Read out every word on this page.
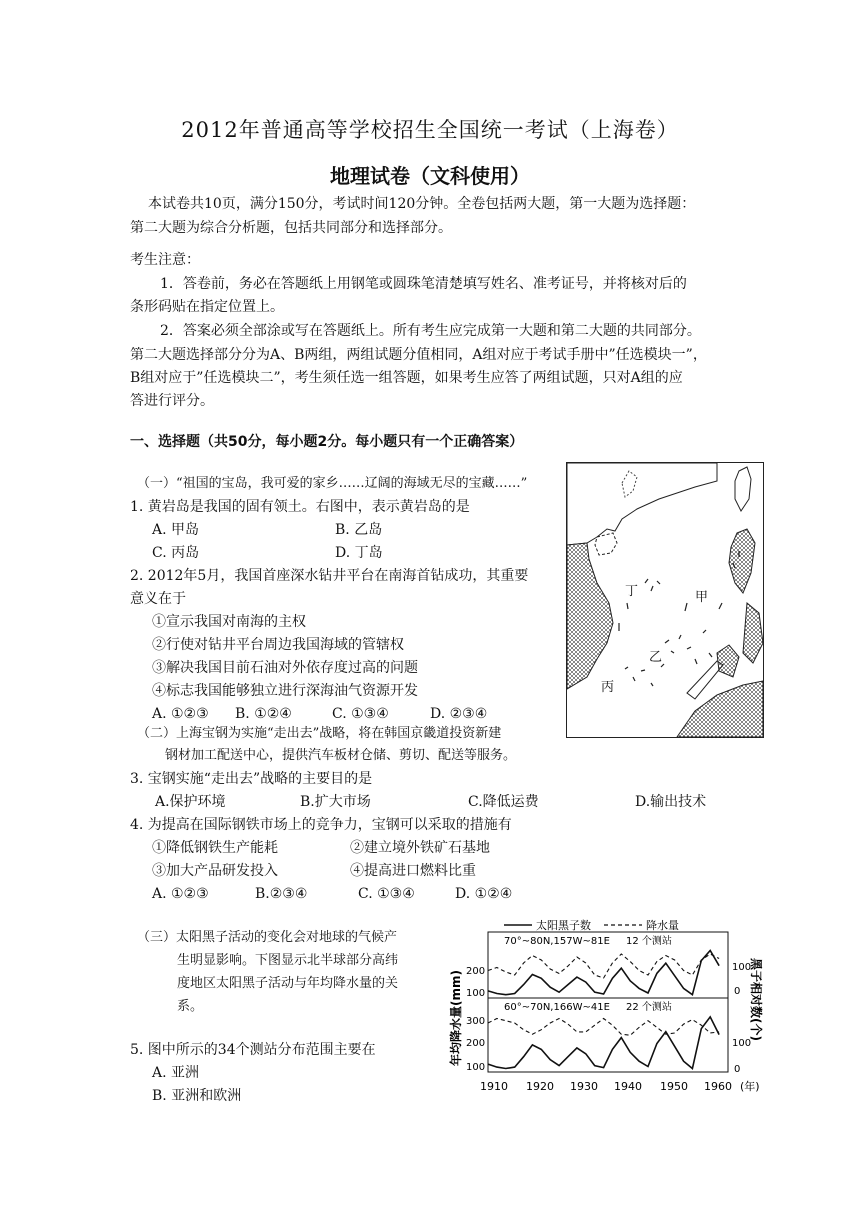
2012年普通高等学校招生全国统一考试（上海卷）
地理试卷（文科使用）
本试卷共10页，满分150分，考试时间120分钟。全卷包括两大题，第一大题为选择题：
第二大题为综合分析题，包括共同部分和选择部分。
考生注意：
1．答卷前，务必在答题纸上用钢笔或圆珠笔清楚填写姓名、准考证号，并将核对后的
条形码贴在指定位置上。
2．答案必须全部涂或写在答题纸上。所有考生应完成第一大题和第二大题的共同部分。
第二大题选择部分分为A、B两组，两组试题分值相同，A组对应于考试手册中”任选模块一”，
B组对应于”任选模块二”，考生须任选一组答题，如果考生应答了两组试题，只对A组的应
答进行评分。
一、选择题（共50分，每小题2分。每小题只有一个正确答案）
（一）“祖国的宝岛，我可爱的家乡……辽阔的海域无尽的宝藏……”
1. 黄岩岛是我国的固有领土。右图中，表示黄岩岛的是
A. 甲岛	B. 乙岛
C. 丙岛	D. 丁岛
2. 2012年5月，我国首座深水钻井平台在南海首钻成功，其重要
意义在于
①宣示我国对南海的主权
②行使对钻井平台周边我国海域的管辖权
③解决我国目前石油对外依存度过高的问题
④标志我国能够独立进行深海油气资源开发
A. ①②③ B. ①②④	C. ①③④	D. ②③④
丁	甲
乙
丙
（二）上海宝钢为实施“走出去”战略，将在韩国京畿道投资新建
钢材加工配送中心，提供汽车板材仓储、剪切、配送等服务。
3. 宝钢实施“走出去”战略的主要目的是
A.保护环境	B.扩大市场	C.降低运费	D.输出技术
4. 为提高在国际钢铁市场上的竞争力，宝钢可以采取的措施有
①降低钢铁生产能耗	②建立境外铁矿石基地
③加大产品研发投入	④提高进口燃料比重
A. ①②③	B.②③④	C. ①③④	D. ①②④
（三）太阳黑子活动的变化会对地球的气候产
生明显影响。下图显示北半球部分高纬
度地区太阳黑子活动与年均降水量的关
系。
5. 图中所示的34个测站分布范围主要在
A. 亚洲
B. 亚洲和欧洲
太阳黑子数	降水量
70°~80N,157W~81E 12 个测站
60°~70N,166W~41E 22 个测站
200
100
300
200
100
100
0
100
0
年均降水量(mm)	黑子相对数(个)
1910 1920 1930 1940 1950 1960 (年)
